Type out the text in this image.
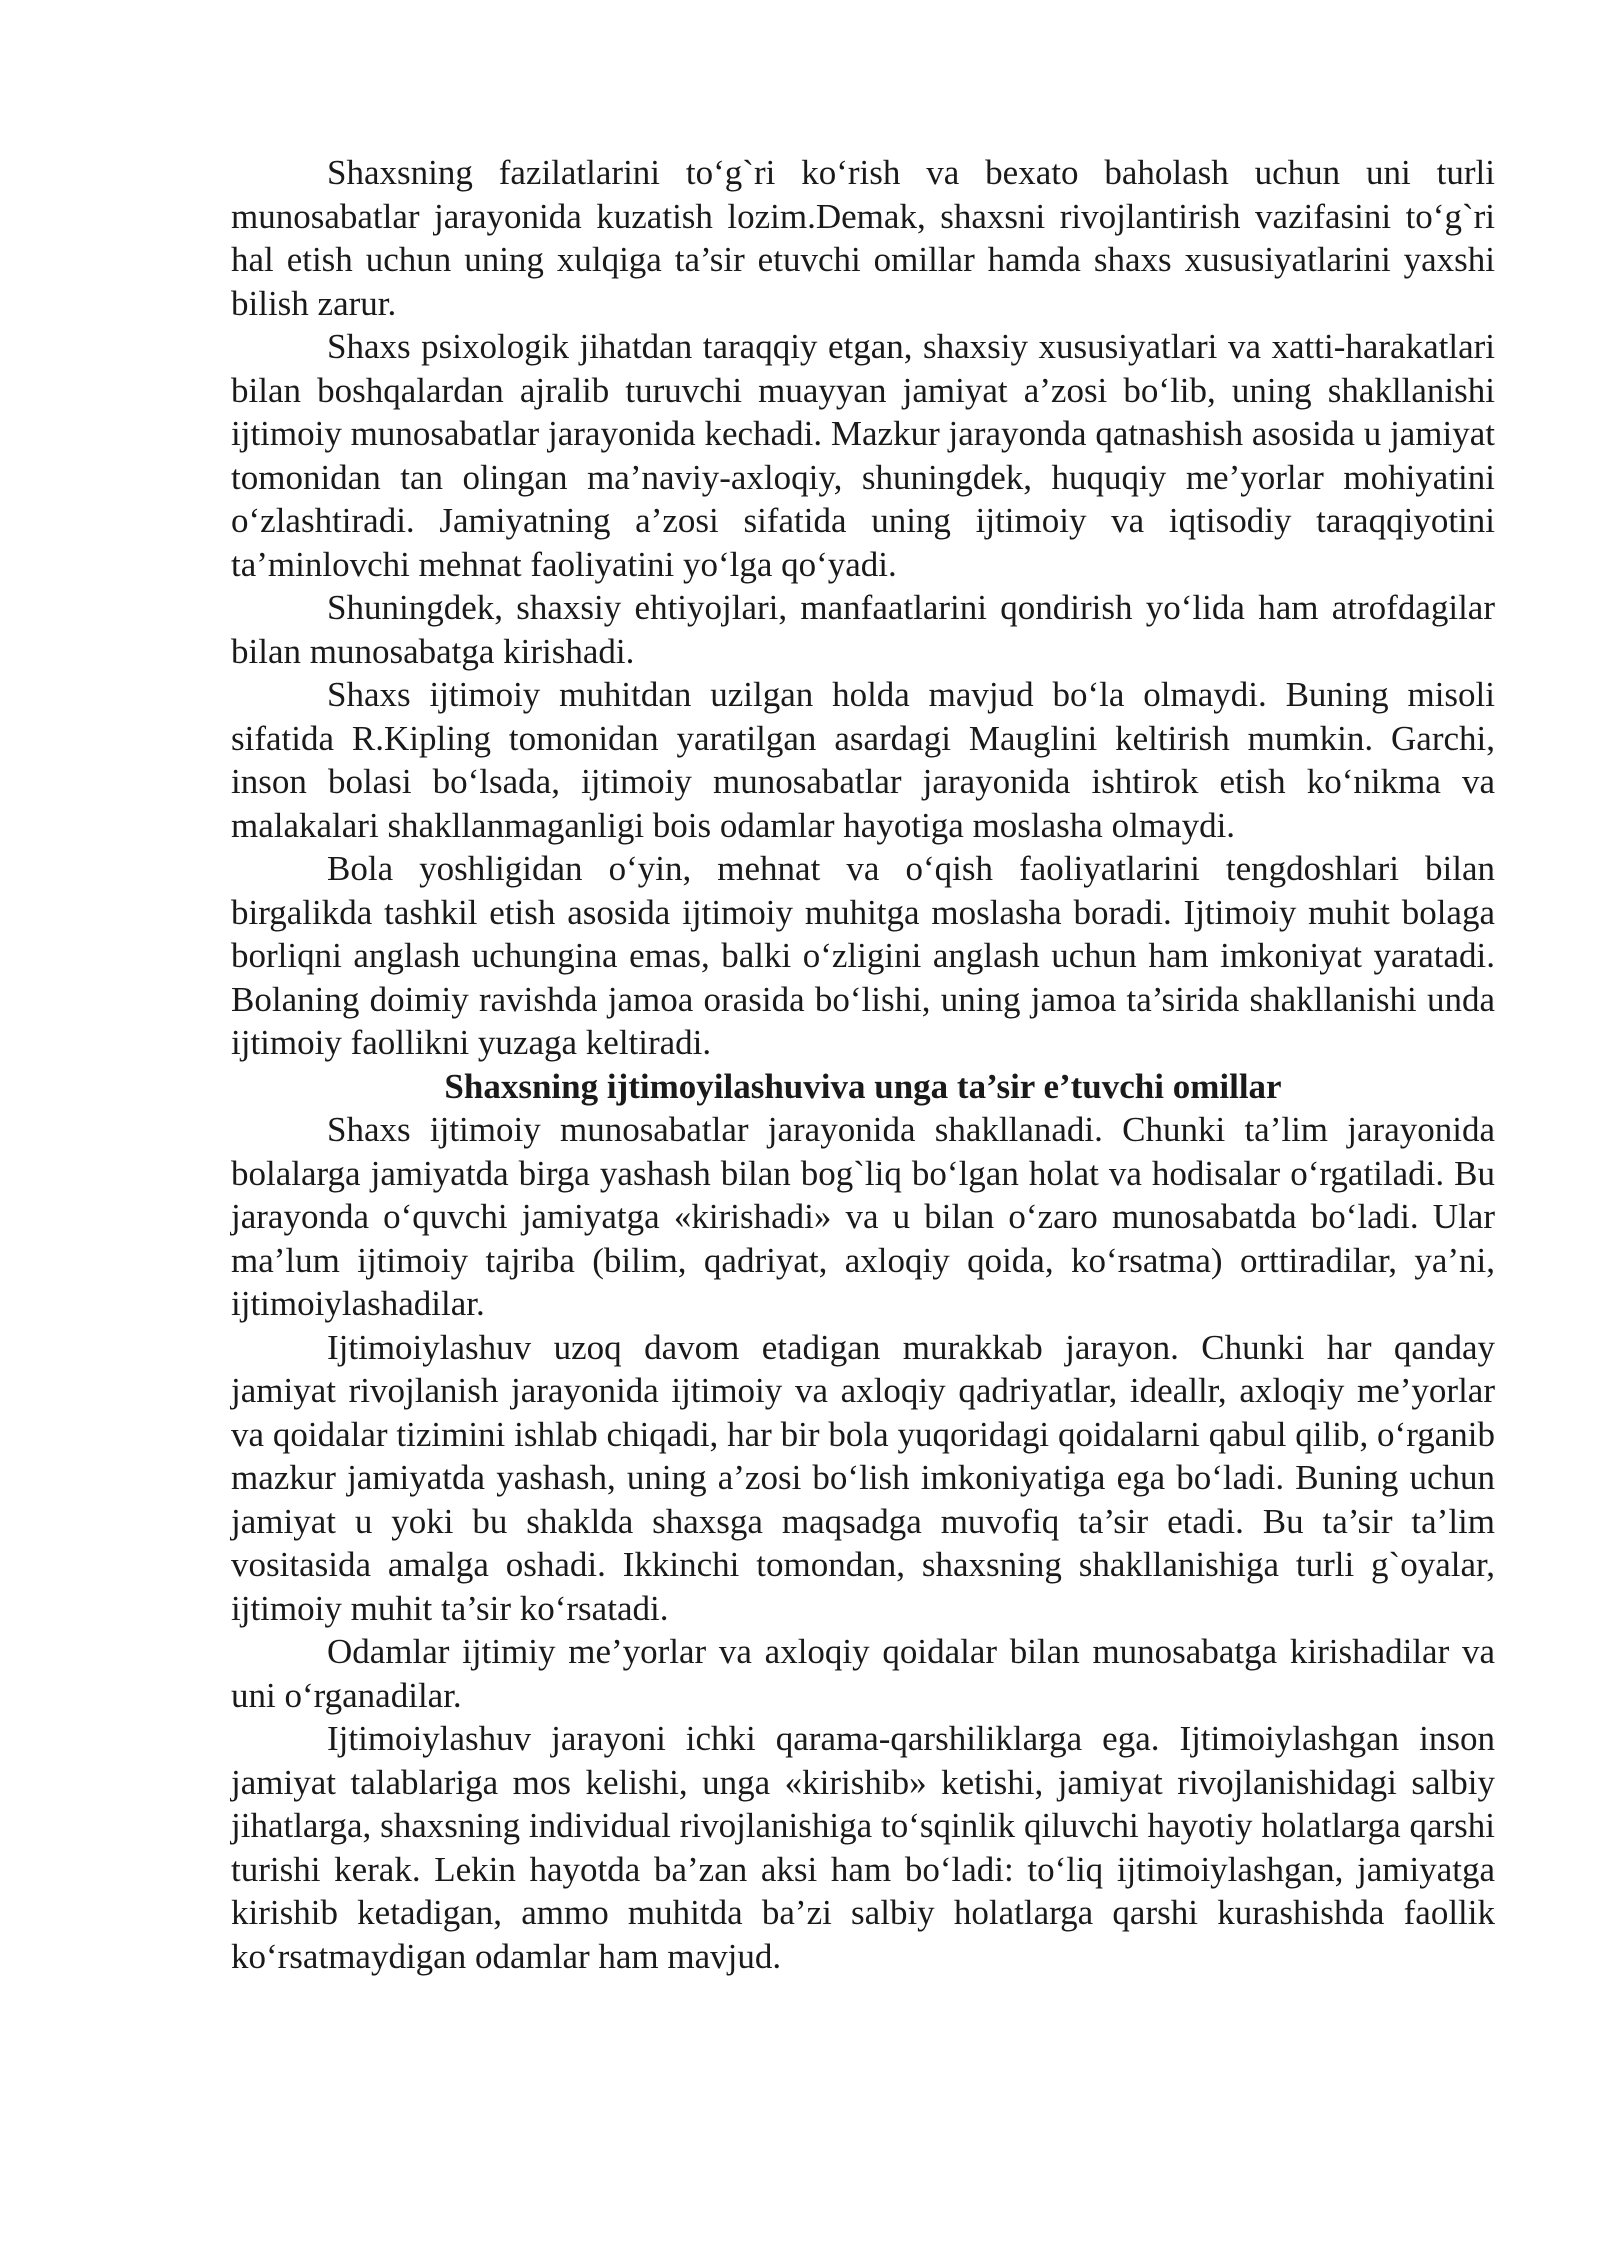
Shaxsning fazilatlarini to‘g`ri ko‘rish va bexato baholash uchun uni turli munosabatlar jarayonida kuzatish lozim.Demak, shaxsni rivojlantirish vazifasini to‘g`ri hal etish uchun uning xulqiga ta’sir etuvchi omillar hamda shaxs xususiyatlarini yaxshi bilish zarur.

Shaxs psixologik jihatdan taraqqiy etgan, shaxsiy xususiyatlari va xatti-harakatlari bilan boshqalardan ajralib turuvchi muayyan jamiyat a’zosi bo‘lib, uning shakllanishi ijtimoiy munosabatlar jarayonida kechadi. Mazkur jarayonda qatnashish asosida u jamiyat tomonidan tan olingan ma’naviy-axloqiy, shuningdek, huquqiy me’yorlar mohiyatini o‘zlashtiradi. Jamiyatning a’zosi sifatida uning ijtimoiy va iqtisodiy taraqqiyotini ta’minlovchi mehnat faoliyatini yo‘lga qo‘yadi.

Shuningdek, shaxsiy ehtiyojlari, manfaatlarini qondirish yo‘lida ham atrofdagilar bilan munosabatga kirishadi.

Shaxs ijtimoiy muhitdan uzilgan holda mavjud bo‘la olmaydi. Buning misoli sifatida R.Kipling tomonidan yaratilgan asardagi Mauglini keltirish mumkin. Garchi, inson bolasi bo‘lsada, ijtimoiy munosabatlar jarayonida ishtirok etish ko‘nikma va malakalari shakllanmaganligi bois odamlar hayotiga moslasha olmaydi.

Bola yoshligidan o‘yin, mehnat va o‘qish faoliyatlarini tengdoshlari bilan birgalikda tashkil etish asosida ijtimoiy muhitga moslasha boradi. Ijtimoiy muhit bolaga borliqni anglash uchungina emas, balki o‘zligini anglash uchun ham imkoniyat yaratadi. Bolaning doimiy ravishda jamoa orasida bo‘lishi, uning jamoa ta’sirida shakllanishi unda ijtimoiy faollikni yuzaga keltiradi.

Shaxsning ijtimoyilashuviva unga ta’sir e’tuvchi omillar

Shaxs ijtimoiy munosabatlar jarayonida shakllanadi. Chunki ta’lim jarayonida bolalarga jamiyatda birga yashash bilan bog`liq bo‘lgan holat va hodisalar o‘rgatiladi. Bu jarayonda o‘quvchi jamiyatga «kirishadi» va u bilan o‘zaro munosabatda bo‘ladi. Ular ma’lum ijtimoiy tajriba (bilim, qadriyat, axloqiy qoida, ko‘rsatma) orttiradilar, ya’ni, ijtimoiylashadilar.

Ijtimoiylashuv uzoq davom etadigan murakkab jarayon. Chunki har qanday jamiyat rivojlanish jarayonida ijtimoiy va axloqiy qadriyatlar, ideallr, axloqiy me’yorlar va qoidalar tizimini ishlab chiqadi, har bir bola yuqoridagi qoidalarni qabul qilib, o‘rganib mazkur jamiyatda yashash, uning a’zosi bo‘lish imkoniyatiga ega bo‘ladi. Buning uchun jamiyat u yoki bu shaklda shaxsga maqsadga muvofiq ta’sir etadi. Bu ta’sir ta’lim vositasida amalga oshadi. Ikkinchi tomondan, shaxsning shakllanishiga turli g`oyalar, ijtimoiy muhit ta’sir ko‘rsatadi.

Odamlar ijtimiy me’yorlar va axloqiy qoidalar bilan munosabatga kirishadilar va uni o‘rganadilar.

Ijtimoiylashuv jarayoni ichki qarama-qarshiliklarga ega. Ijtimoiylashgan inson jamiyat talablariga mos kelishi, unga «kirishib» ketishi, jamiyat rivojlanishidagi salbiy jihatlarga, shaxsning individual rivojlanishiga to‘sqinlik qiluvchi hayotiy holatlarga qarshi turishi kerak. Lekin hayotda ba’zan aksi ham bo‘ladi: to‘liq ijtimoiylashgan, jamiyatga kirishib ketadigan, ammo muhitda ba’zi salbiy holatlarga qarshi kurashishda faollik ko‘rsatmaydigan odamlar ham mavjud.
